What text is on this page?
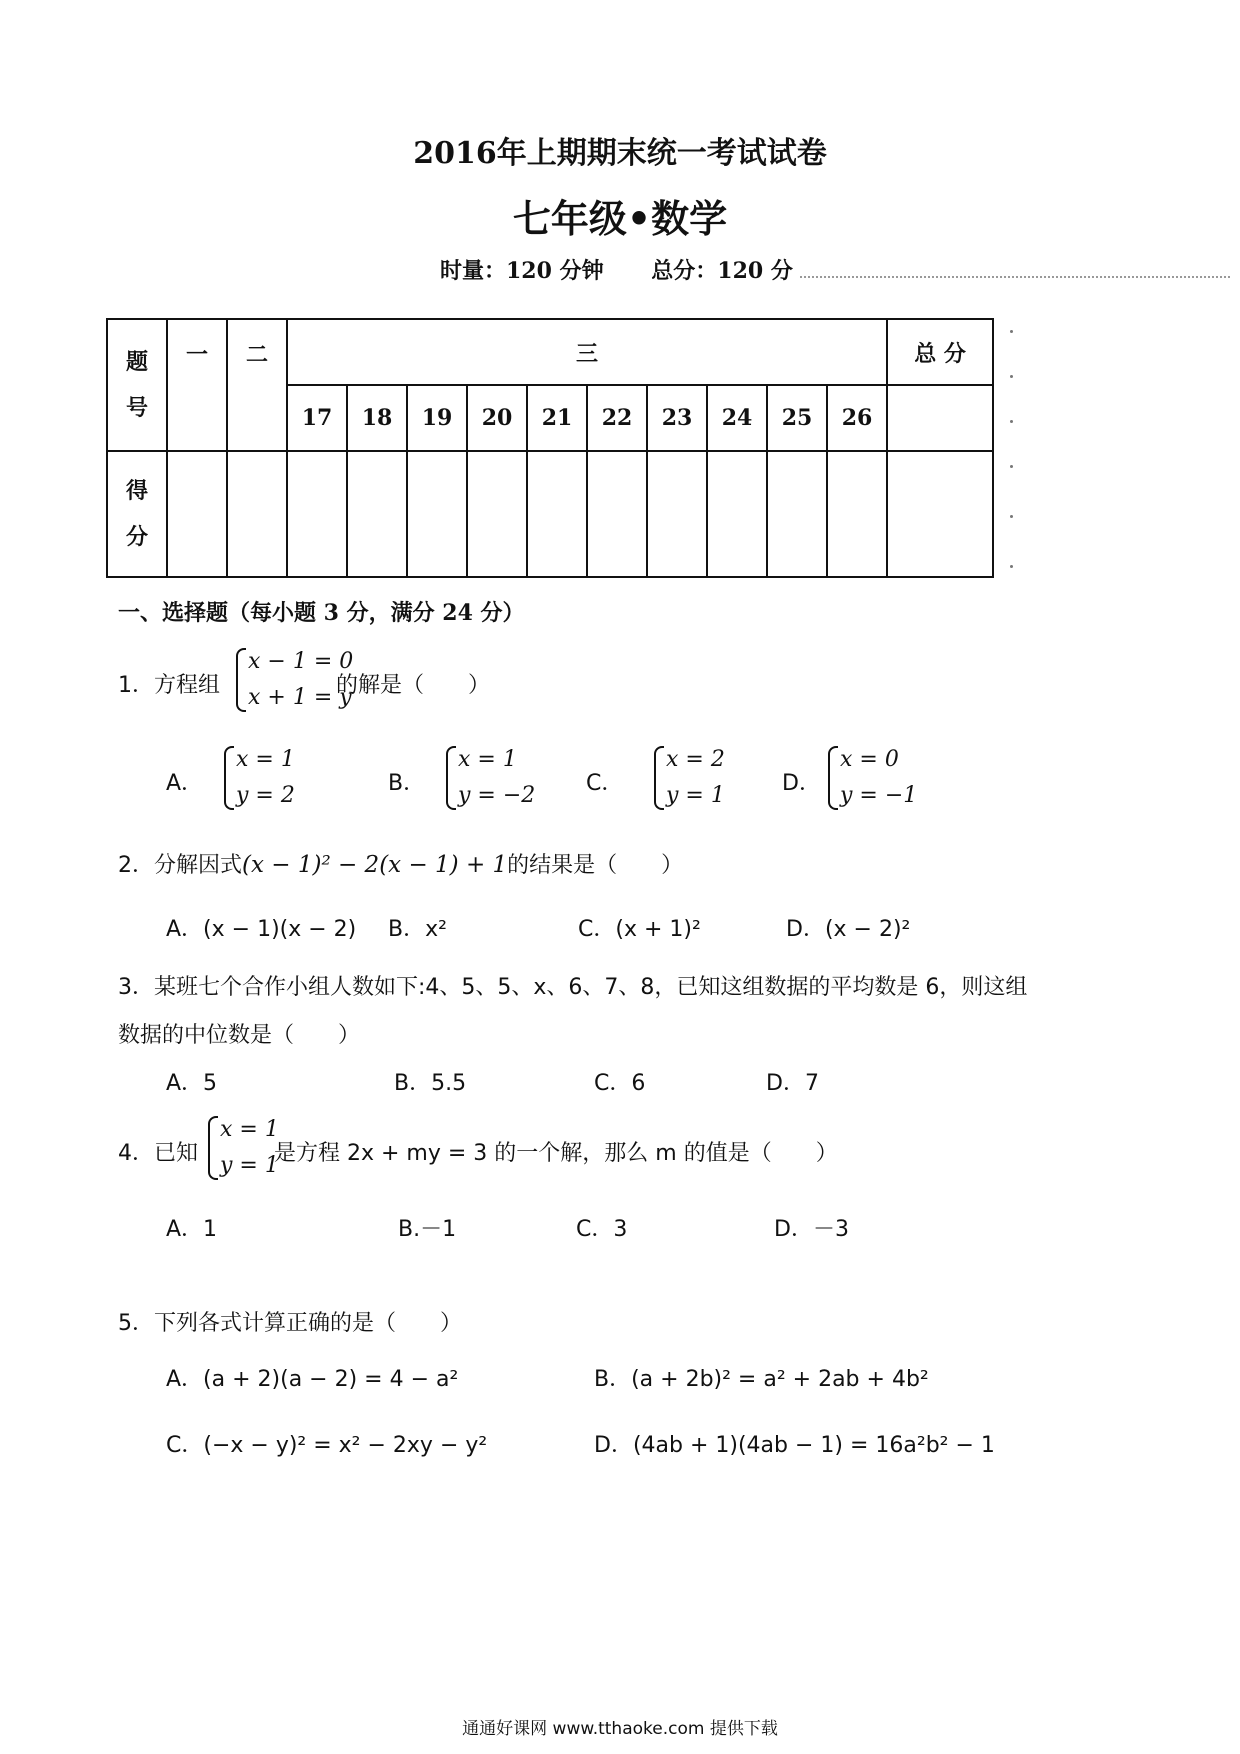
2016年上期期末统一考试试卷
七年级•数学
时量：120 分钟 总分：120 分
题号	一	二	三										总 分
			17	18	19	20	21	22	23	24	25	26	

得分													

一、选择题（每小题 3 分，满分 24 分）
1．方程组
x − 1 = 0
x + 1 = y
的解是（　　）
A．
x = 1
y = 2	B．
x = 1
y = −2 C．
x = 2
y = 1	D．
x = 0
y = −1
2．分解因式(x − 1)² − 2(x − 1) + 1的结果是（　　）
A．(x − 1)(x − 2) B．x²	C．(x + 1)²	D．(x − 2)²
3．某班七个合作小组人数如下:4、5、5、x、6、7、8，已知这组数据的平均数是 6，则这组
数据的中位数是（　　）
A．5	B．5.5	C．6	D．7
4．已知
x = 1
y = 1
是方程 2x + my = 3 的一个解，那么 m 的值是（　　）
A．1	B.－1	C．3	D．－3
5．下列各式计算正确的是（　　）
A．(a + 2)(a − 2) = 4 − a²	B．(a + 2b)² = a² + 2ab + 4b²
C．(−x − y)² = x² − 2xy − y²	D．(4ab + 1)(4ab − 1) = 16a²b² − 1
通通好课网 www.tthaoke.com 提供下载
